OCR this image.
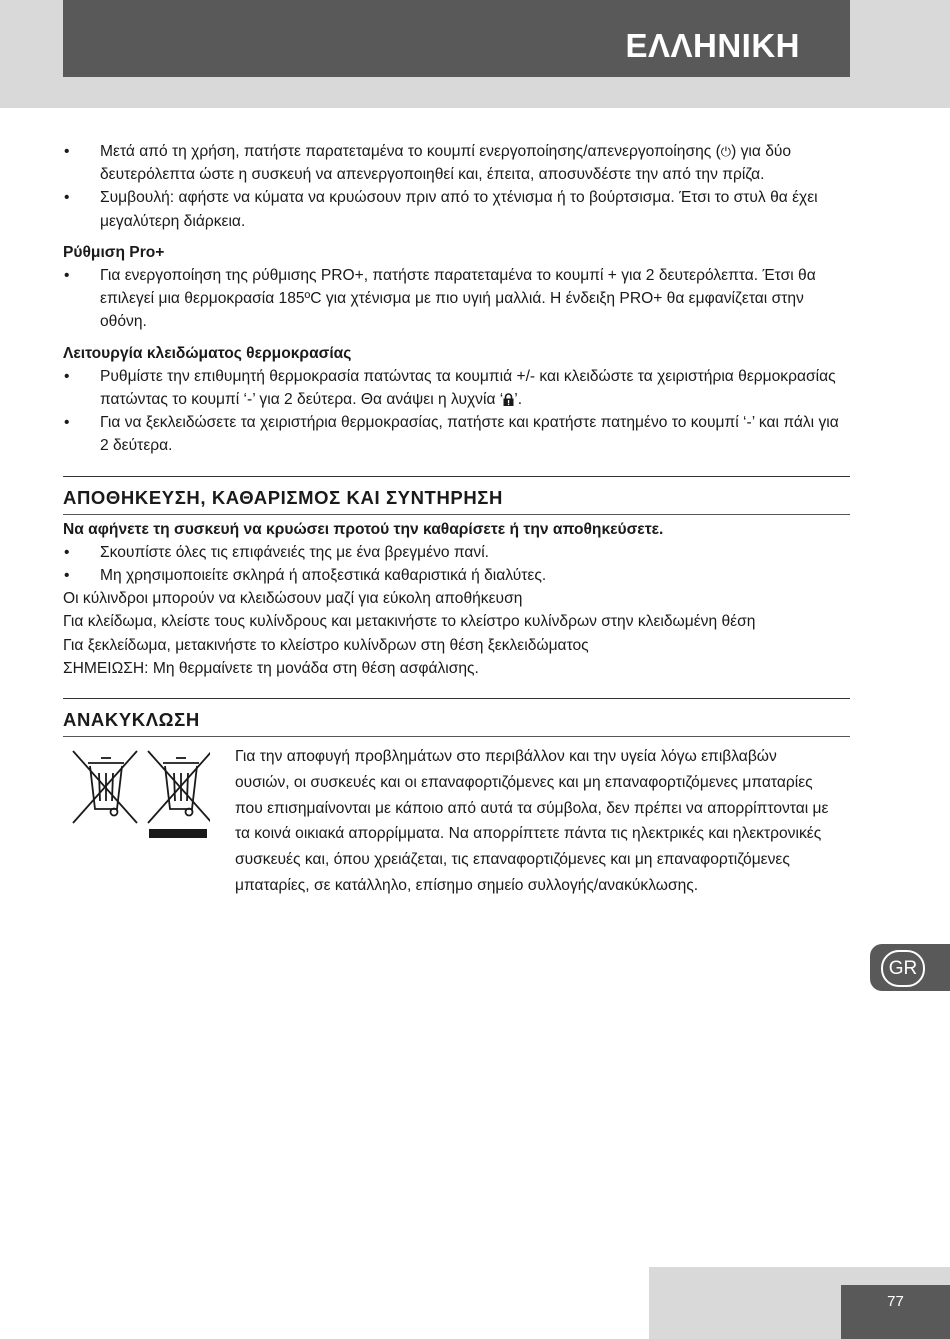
ΕΛΛΗΝΙΚΗ
• Μετά από τη χρήση, πατήστε παρατεταμένα το κουμπί ενεργοποίησης/απενεργοποίησης (⏻) για δύο δευτερόλεπτα ώστε η συσκευή να απενεργοποιηθεί και, έπειτα, αποσυνδέστε την από την πρίζα.
• Συμβουλή: αφήστε να κύματα να κρυώσουν πριν από το χτένισμα ή το βούρτσισμα. Έτσι το στυλ θα έχει μεγαλύτερη διάρκεια.
Ρύθμιση Pro+
• Για ενεργοποίηση της ρύθμισης PRO+, πατήστε παρατεταμένα το κουμπί + για 2 δευτερόλεπτα. Έτσι θα επιλεγεί μια θερμοκρασία 185ºC για χτένισμα με πιο υγιή μαλλιά. Η ένδειξη PRO+ θα εμφανίζεται στην οθόνη.
Λειτουργία κλειδώματος θερμοκρασίας
• Ρυθμίστε την επιθυμητή θερμοκρασία πατώντας τα κουμπιά +/- και κλειδώστε τα χειριστήρια θερμοκρασίας πατώντας το κουμπί ‘-’ για 2 δεύτερα. Θα ανάψει η λυχνία ‘ ’.
• Για να ξεκλειδώσετε τα χειριστήρια θερμοκρασίας, πατήστε και κρατήστε πατημένο το κουμπί ‘-’ και πάλι για 2 δεύτερα.
ΑΠΟΘΗΚΕΥΣΗ, ΚΑΘΑΡΙΣΜΟΣ ΚΑΙ ΣΥΝΤΗΡΗΣΗ
Να αφήνετε τη συσκευή να κρυώσει προτού την καθαρίσετε ή την αποθηκεύσετε.
• Σκουπίστε όλες τις επιφάνειές της με ένα βρεγμένο πανί.
• Μη χρησιμοποιείτε σκληρά ή αποξεστικά καθαριστικά ή διαλύτες.

Οι κύλινδροι μπορούν να κλειδώσουν μαζί για εύκολη αποθήκευση

Για κλείδωμα, κλείστε τους κυλίνδρους και μετακινήστε το κλείστρο κυλίνδρων στην κλειδωμένη θέση

Για ξεκλείδωμα, μετακινήστε το κλείστρο κυλίνδρων στη θέση ξεκλειδώματος

ΣΗΜΕΙΩΣΗ: Μη θερμαίνετε τη μονάδα στη θέση ασφάλισης.

ΑΝΑΚΥΚΛΩΣΗ
Για την αποφυγή προβλημάτων στο περιβάλλον και την υγεία λόγω επιβλαβών ουσιών, οι συσκευές και οι επαναφορτιζόμενες και μη επαναφορτιζόμενες μπαταρίες που επισημαίνονται με κάποιο από αυτά τα σύμβολα, δεν πρέπει να απορρίπτονται με τα κοινά οικιακά απορρίμματα. Να απορρίπτετε πάντα τις ηλεκτρικές και ηλεκτρονικές συσκευές και, όπου χρειάζεται, τις επαναφορτιζόμενες και μη επαναφορτιζόμενες μπαταρίες, σε κατάλληλο, επίσημο σημείο συλλογής/ανακύκλωσης.
GR
77
